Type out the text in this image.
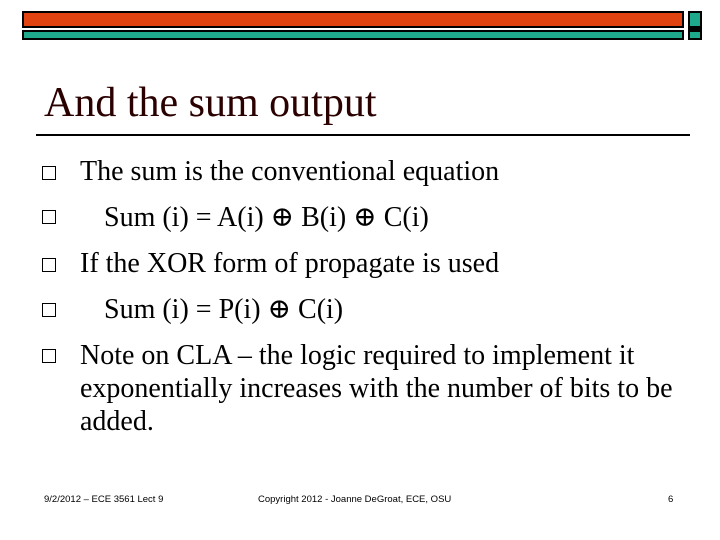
And the sum output

The sum is the conventional equation

Sum (i) = A(i) ⊕ B(i) ⊕ C(i)

If the XOR form of propagate is used

Sum (i) = P(i) ⊕ C(i)

Note on CLA – the logic required to implement it exponentially increases with the number of bits to be added.

9/2/2012 – ECE 3561 Lect 9	Copyright 2012 - Joanne DeGroat, ECE, OSU	6
